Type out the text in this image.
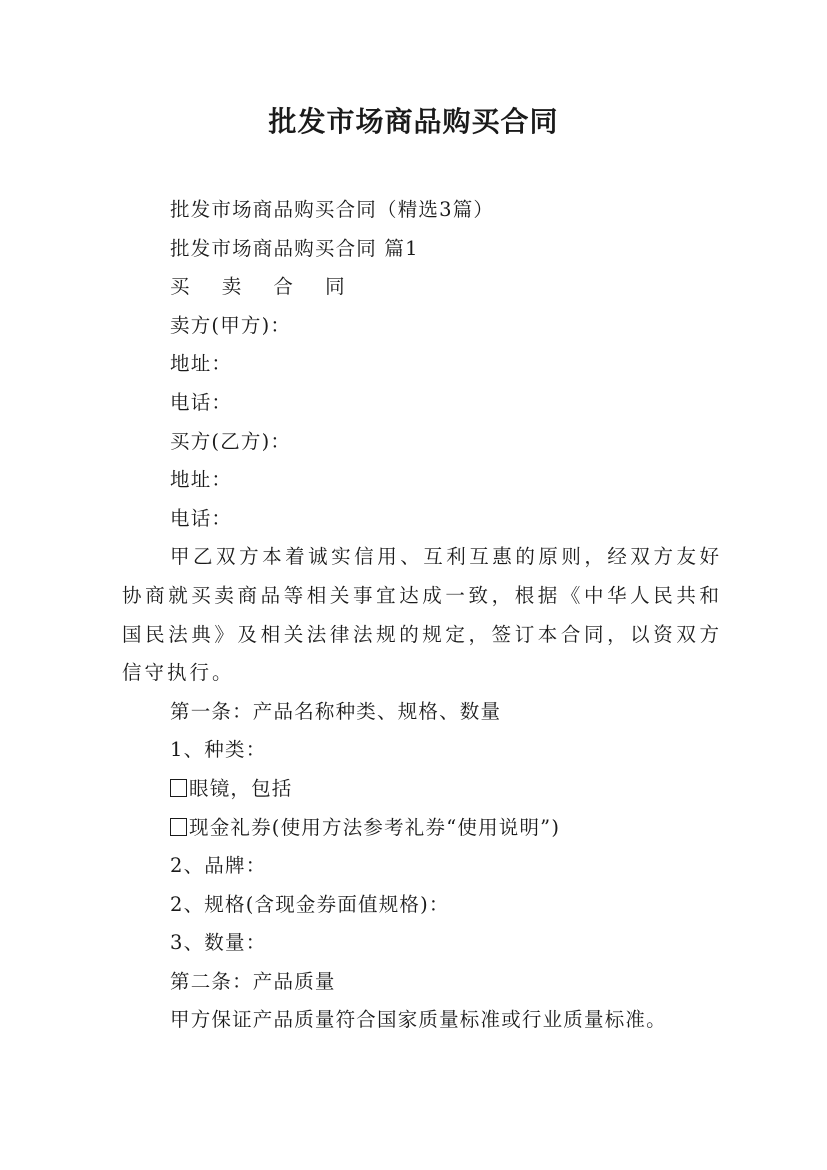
批发市场商品购买合同

批发市场商品购买合同（精选3篇）

批发市场商品购买合同 篇1

买 卖 合 同

卖方(甲方)：

地址：

电话：

买方(乙方)：

地址：

电话：

甲乙双方本着诚实信用、互利互惠的原则，经双方友好协商就买卖商品等相关事宜达成一致，根据《中华人民共和国民法典》及相关法律法规的规定，签订本合同，以资双方信守执行。

第一条：产品名称种类、规格、数量

1、种类：

眼镜，包括

现金礼券(使用方法参考礼券“使用说明”)

2、品牌：

2、规格(含现金券面值规格)：

3、数量：

第二条：产品质量

甲方保证产品质量符合国家质量标准或行业质量标准。
